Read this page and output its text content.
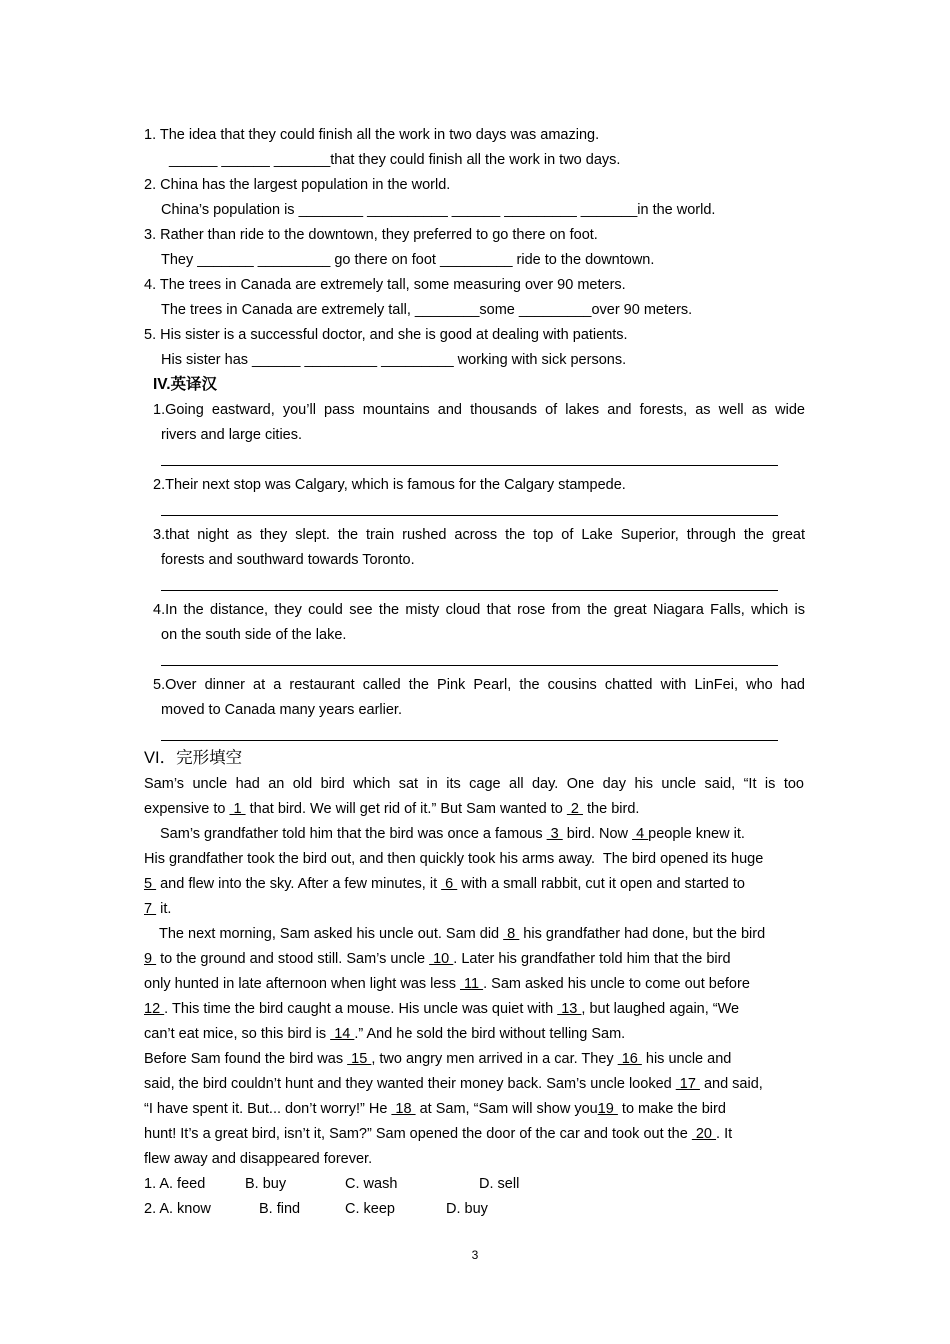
1. The idea that they could finish all the work in two days was amazing.
______ ______ _______that they could finish all the work in two days.
2. China has the largest population in the world.
China’s population is ________ __________ ______ _________ _______in the world.
3. Rather than ride to the downtown, they preferred to go there on foot.
They _______ _________ go there on foot _________ ride to the downtown.
4. The trees in Canada are extremely tall, some measuring over 90 meters.
The trees in Canada are extremely tall, ________some _________over 90 meters.
5. His sister is a successful doctor, and she is good at dealing with patients.
His sister has ______ _________ _________ working with sick persons.
IV.英译汉
1.Going eastward, you’ll pass mountains and thousands of lakes and forests, as well as wide
rivers and large cities.
2.Their next stop was Calgary, which is famous for the Calgary stampede.
3.that night as they slept. the train rushed across the top of Lake Superior, through the great
forests and southward towards Toronto.
4.In the distance, they could see the misty cloud that rose from the great Niagara Falls, which is
on the south side of the lake.
5.Over dinner at a restaurant called the Pink Pearl, the cousins chatted with LinFei, who had
moved to Canada many years earlier.
VI．完形填空
Sam’s uncle had an old bird which sat in its cage all day. One day his uncle said, “It is too
expensive to  1  that bird. We will get rid of it.” But Sam wanted to  2  the bird.
Sam’s grandfather told him that the bird was once a famous  3  bird. Now  4 people knew it.
His grandfather took the bird out, and then quickly took his arms away.  The bird opened its huge
5  and flew into the sky. After a few minutes, it  6  with a small rabbit, cut it open and started to
7  it.
The next morning, Sam asked his uncle out. Sam did  8  his grandfather had done, but the bird
9  to the ground and stood still. Sam’s uncle  10 . Later his grandfather told him that the bird
only hunted in late afternoon when light was less  11 . Sam asked his uncle to come out before
12 . This time the bird caught a mouse. His uncle was quiet with  13 , but laughed again, “We
can’t eat mice, so this bird is  14 .” And he sold the bird without telling Sam.
Before Sam found the bird was  15 , two angry men arrived in a car. They  16  his uncle and
said, the bird couldn’t hunt and they wanted their money back. Sam’s uncle looked  17  and said,
“I have spent it. But... don’t worry!” He  18  at Sam, “Sam will show you19  to make the bird
hunt! It’s a great bird, isn’t it, Sam?” Sam opened the door of the car and took out the  20 . It
flew away and disappeared forever.
1. A. feed	B. buy	C. wash	D. sell
2. A. know	B. find	C. keep	D. buy
3
